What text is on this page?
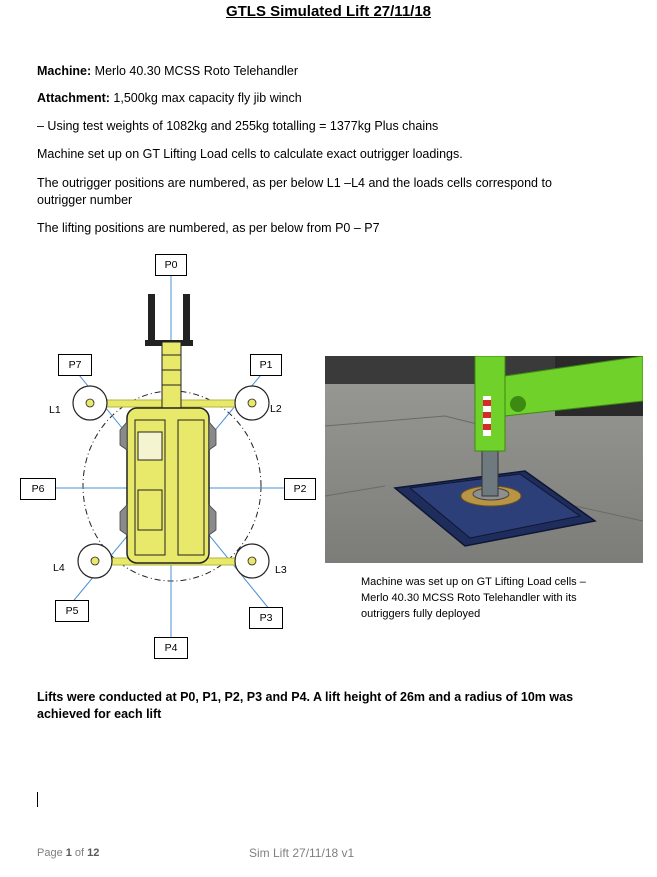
GTLS Simulated Lift 27/11/18
Machine: Merlo 40.30 MCSS Roto Telehandler
Attachment: 1,500kg max capacity fly jib winch
– Using test weights of 1082kg and 255kg totalling = 1377kg Plus chains
Machine set up on GT Lifting Load cells to calculate exact outrigger loadings.
The outrigger positions are numbered, as per below L1 –L4 and the loads cells correspond to
outrigger number
The lifting positions are numbered, as per below from P0 – P7
P0
P1
P2
P3
P4
P5
P6
P7
L1	L2
L3
L4
Machine was set up on GT Lifting Load cells –
Merlo 40.30 MCSS Roto Telehandler with its
outriggers fully deployed
Lifts were conducted at P0, P1, P2, P3 and P4. A lift height of 26m and a radius of 10m was
achieved for each lift
Page 1 of 12	Sim Lift 27/11/18 v1
